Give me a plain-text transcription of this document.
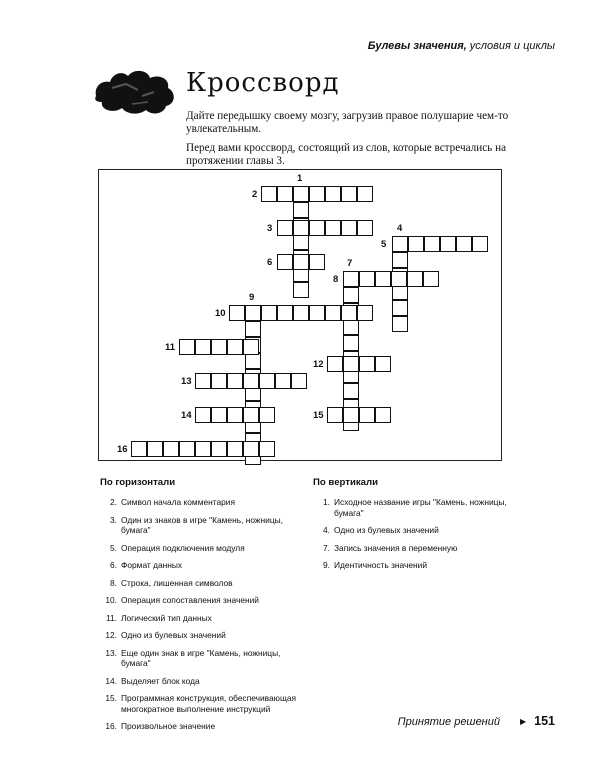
Булевы значения, условия и циклы
Кроссворд
Дайте передышку своему мозгу, загрузив правое полушарие чем-то увлекательным.
Перед вами кроссворд, состоящий из слов, которые встречались на протяжении главы 3.
1
2
3	4
5
6	7
8
9
10
11
12
13
14	15
16
По горизонтали
2. Символ начала комментария
3. Один из знаков в игре "Камень, ножницы, бумага"
5. Операция подключения модуля
6. Формат данных
8. Строка, лишенная символов
10. Операция сопоставления значений
11. Логический тип данных
12. Одно из булевых значений
13. Еще один знак в игре "Камень, ножницы, бумага"
14. Выделяет блок кода
15. Программная конструкция, обеспечивающая многократное выполнение инструкций
16. Произвольное значение
По вертикали
1. Исходное название игры "Камень, ножницы, бумага"
4. Одно из булевых значений
7. Запись значения в переменную
9. Идентичность значений
Принятие решений	▶ 151
